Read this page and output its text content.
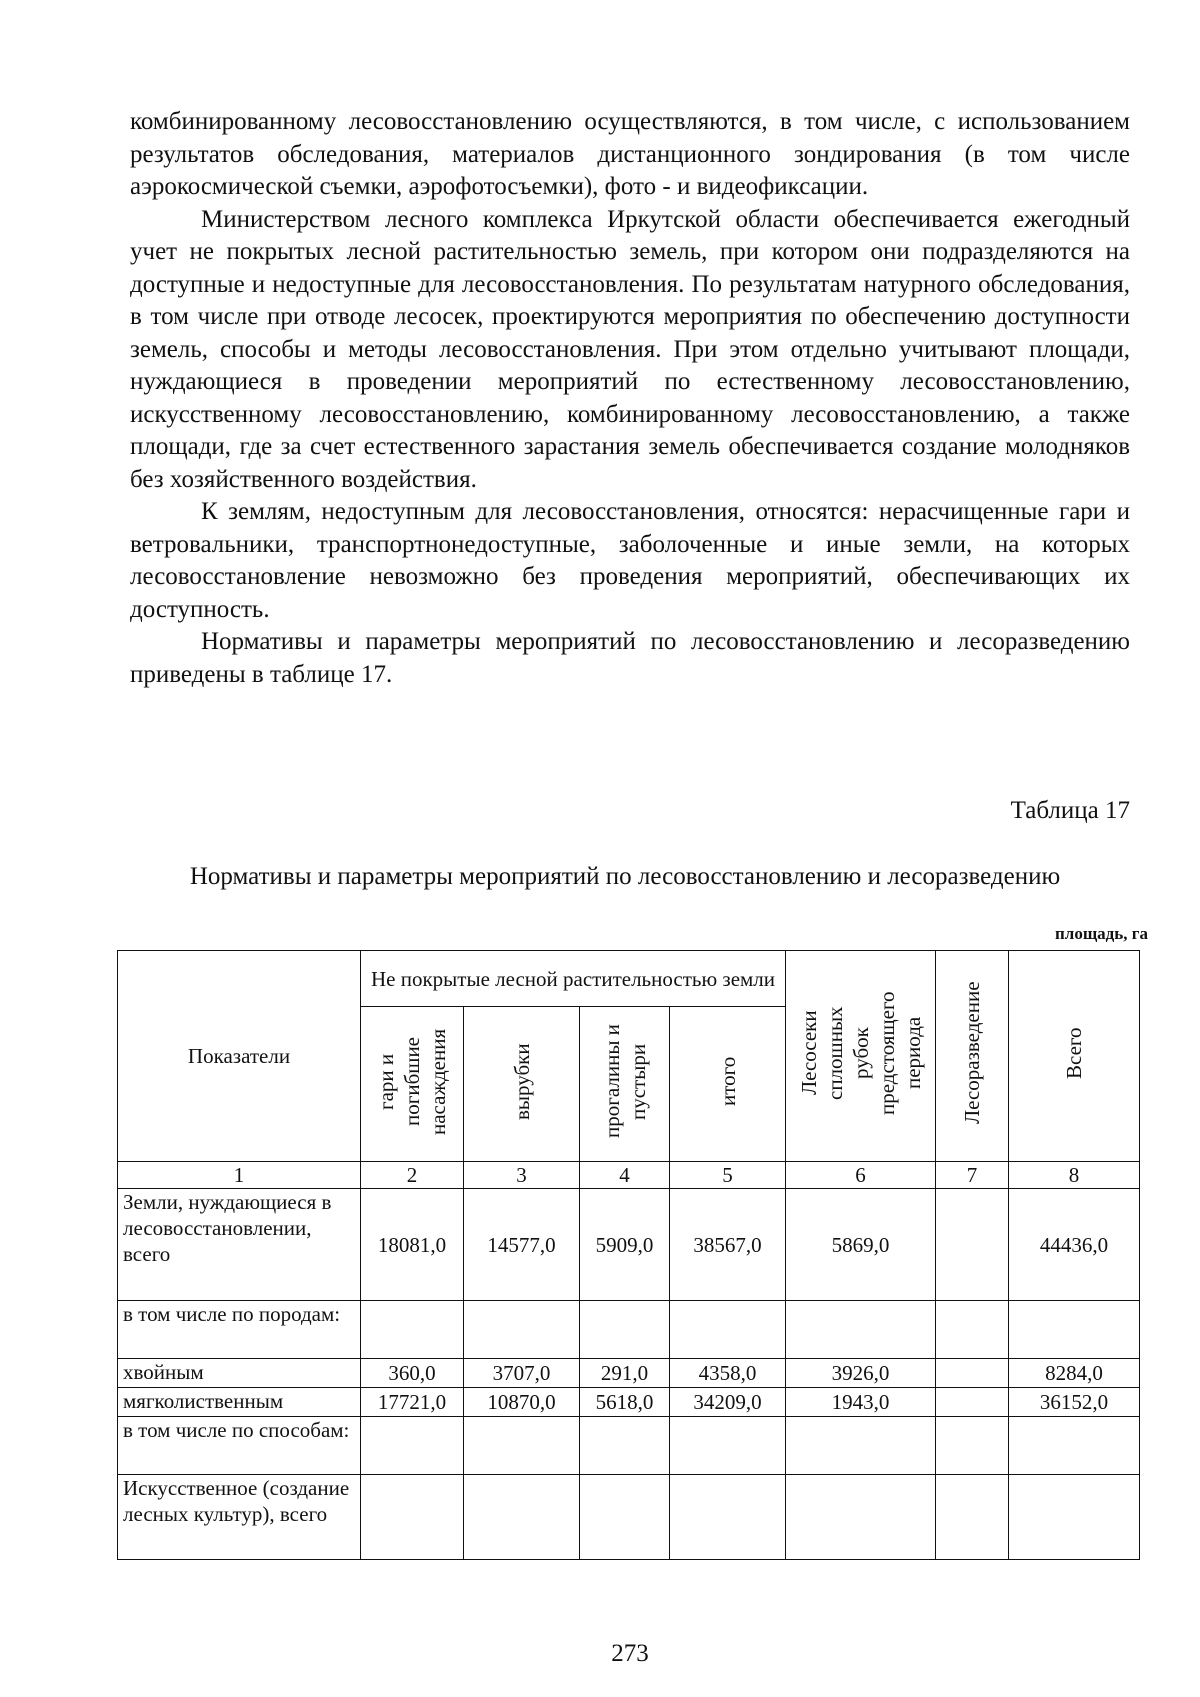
комбинированному лесовосстановлению осуществляются, в том числе, с использованием результатов обследования, материалов дистанционного зондирования (в том числе аэрокосмической съемки, аэрофотосъемки), фото - и видеофиксации.

Министерством лесного комплекса Иркутской области обеспечивается ежегодный учет не покрытых лесной растительностью земель, при котором они подразделяются на доступные и недоступные для лесовосстановления. По результатам натурного обследования, в том числе при отводе лесосек, проектируются мероприятия по обеспечению доступности земель, способы и методы лесовосстановления. При этом отдельно учитывают площади, нуждающиеся в проведении мероприятий по естественному лесовосстановлению, искусственному лесовосстановлению, комбинированному лесовосстановлению, а также площади, где за счет естественного зарастания земель обеспечивается создание молодняков без хозяйственного воздействия.

К землям, недоступным для лесовосстановления, относятся: нерасчищенные гари и ветровальники, транспортнонедоступные, заболоченные и иные земли, на которых лесовосстановление невозможно без проведения мероприятий, обеспечивающих их доступность.

Нормативы и параметры мероприятий по лесовосстановлению и лесоразведению приведены в таблице 17.

Таблица 17
Нормативы и параметры мероприятий по лесовосстановлению и лесоразведению
площадь, га
Показатели	Не покрытые лесной растительностью земли				Лесосеки сплошных рубок предстоящего периода	Лесоразведение	Всего
	гари и погибшие насаждения	вырубки	прогалины и пустыри	итого			
1	2	3	4	5	6	7	8
Земли, нуждающиеся в лесовосстановлении, всего	18081,0	14577,0	5909,0	38567,0	5869,0		44436,0
в том числе по породам:							
хвойным	360,0	3707,0	291,0	4358,0	3926,0		8284,0
мягколиственным	17721,0	10870,0	5618,0	34209,0	1943,0		36152,0
в том числе по способам:							
Искусственное (создание лесных культур), всего							
273
